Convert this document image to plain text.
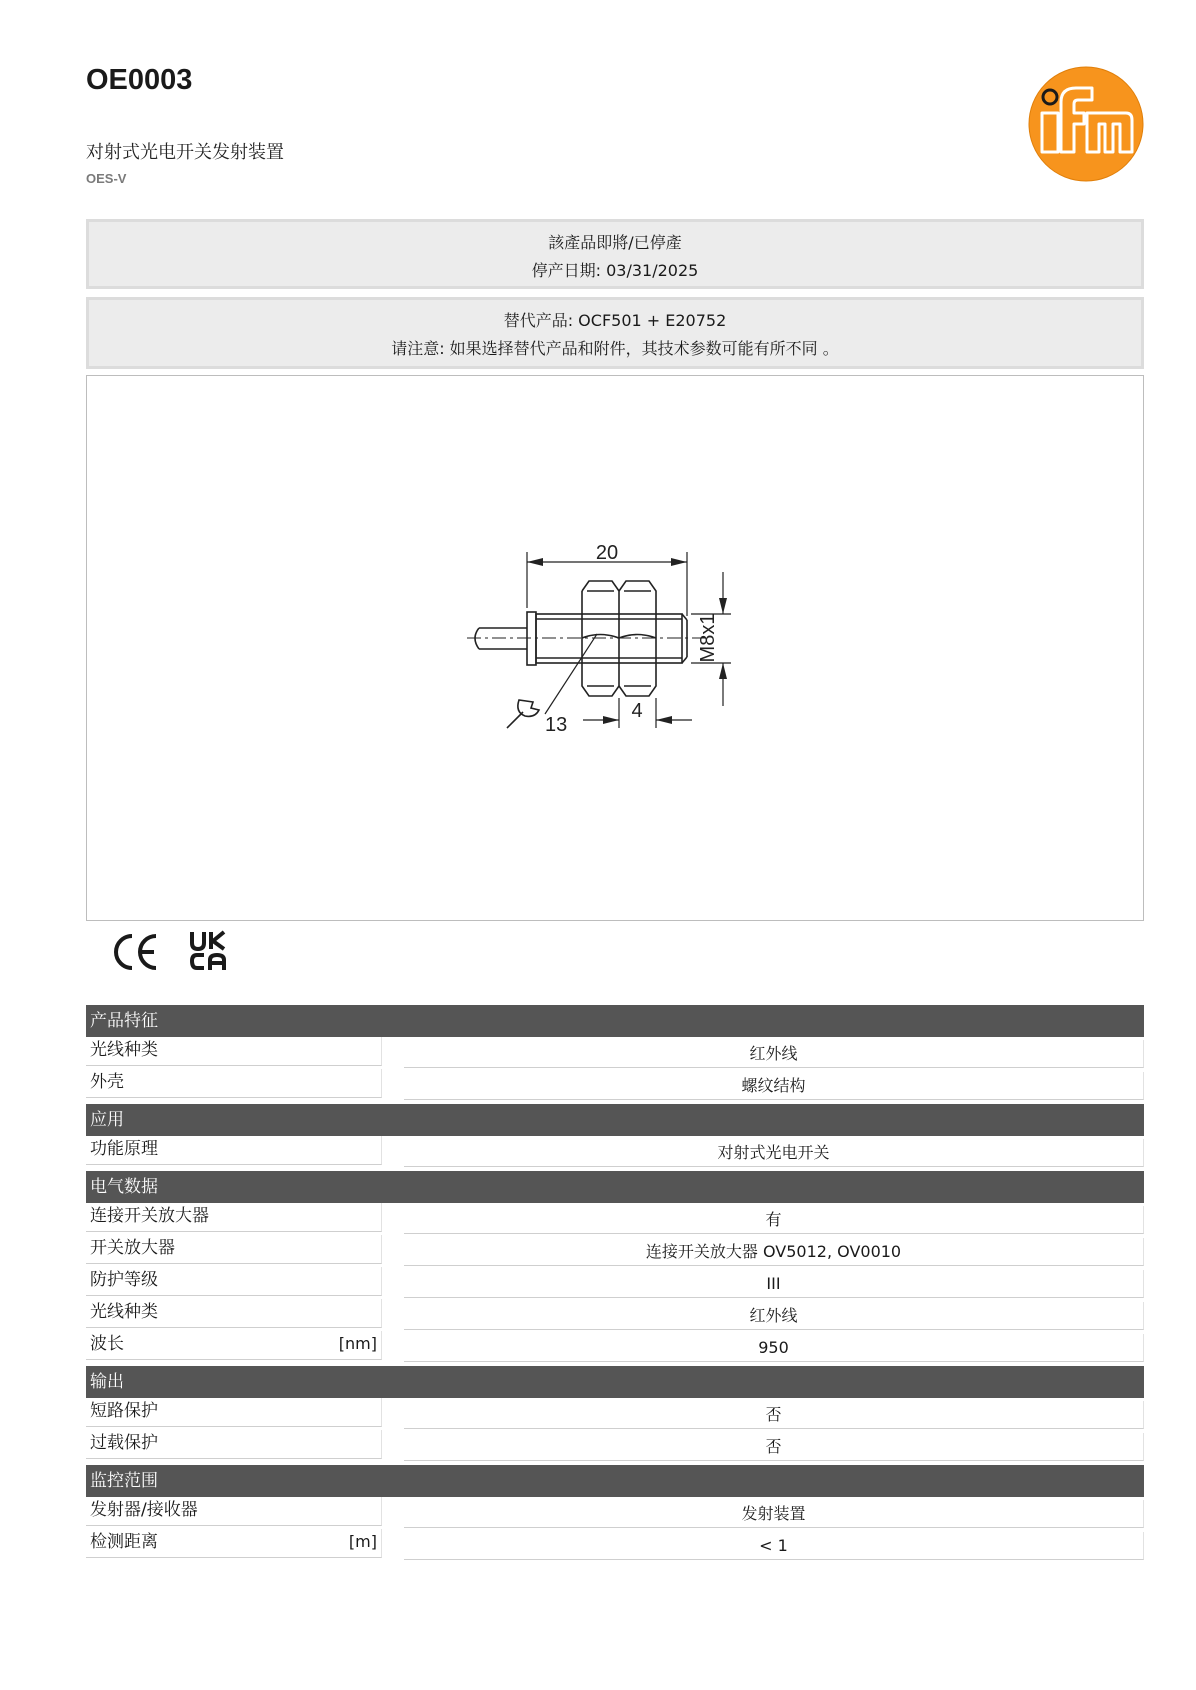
OE0003
对射式光电开关发射装置
OES-V
該產品即將/已停產
停产日期: 03/31/2025
替代产品: OCF501 + E20752
请注意: 如果选择替代产品和附件，其技术参数可能有所不同 。
20
M8x1
4
13
产品特征
光线种类	红外线
外壳	螺纹结构
应用
功能原理	对射式光电开关
电气数据
连接开关放大器	有
开关放大器	连接开关放大器 OV5012, OV0010
防护等级	III
光线种类	红外线
波长	[nm]	950
输出
短路保护	否
过载保护	否
监控范围
发射器/接收器	发射装置
检测距离	[m]	< 1
